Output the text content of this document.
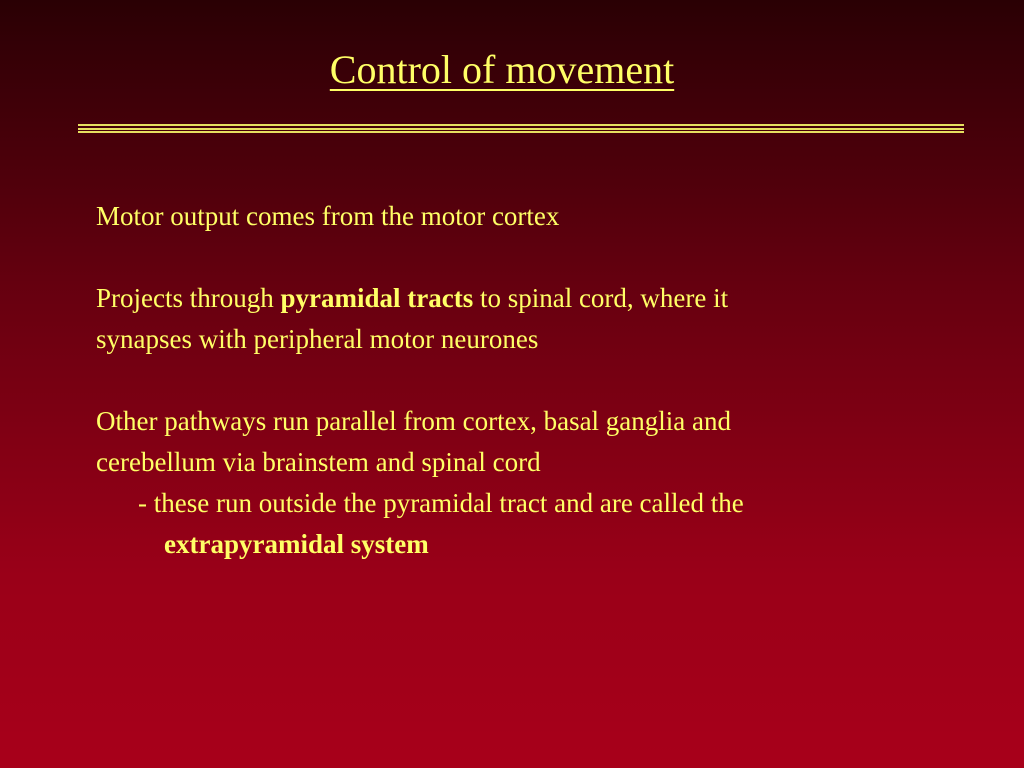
Control of movement

Motor output comes from the motor cortex

Projects through pyramidal tracts to spinal cord, where it
synapses with peripheral motor neurones

Other pathways run parallel from cortex, basal ganglia and
cerebellum via brainstem and spinal cord
- these run outside the pyramidal tract and are called the
extrapyramidal system
